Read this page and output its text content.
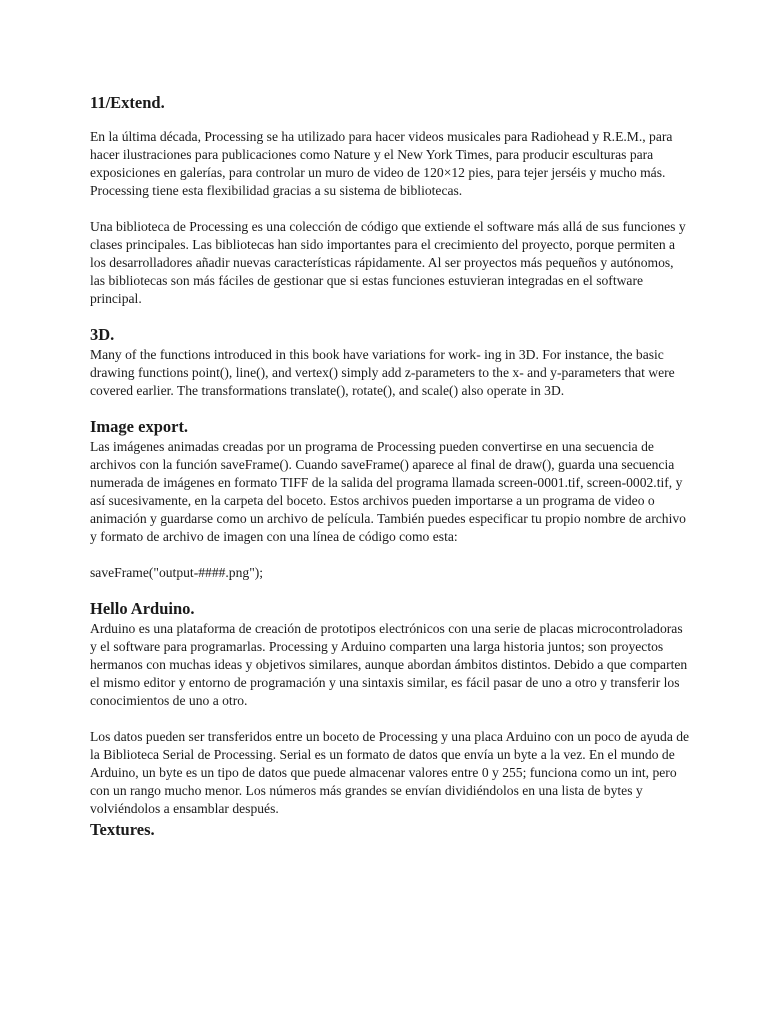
11/Extend.

En la última década, Processing se ha utilizado para hacer videos musicales para Radiohead y R.E.M., para hacer ilustraciones para publicaciones como Nature y el New York Times, para producir esculturas para exposiciones en galerías, para controlar un muro de video de 120×12 pies, para tejer jerséis y mucho más. Processing tiene esta flexibilidad gracias a su sistema de bibliotecas.

Una biblioteca de Processing es una colección de código que extiende el software más allá de sus funciones y clases principales. Las bibliotecas han sido importantes para el crecimiento del proyecto, porque permiten a los desarrolladores añadir nuevas características rápidamente. Al ser proyectos más pequeños y autónomos, las bibliotecas son más fáciles de gestionar que si estas funciones estuvieran integradas en el software principal.

3D.

Many of the functions introduced in this book have variations for work- ing in 3D. For instance, the basic drawing functions point(), line(), and vertex() simply add z-parameters to the x- and y-parameters that were covered earlier. The transformations translate(), rotate(), and scale() also operate in 3D.

Image export.

Las imágenes animadas creadas por un programa de Processing pueden convertirse en una secuencia de archivos con la función saveFrame(). Cuando saveFrame() aparece al final de draw(), guarda una secuencia numerada de imágenes en formato TIFF de la salida del programa llamada screen-0001.tif, screen-0002.tif, y así sucesivamente, en la carpeta del boceto. Estos archivos pueden importarse a un programa de video o animación y guardarse como un archivo de película. También puedes especificar tu propio nombre de archivo y formato de archivo de imagen con una línea de código como esta:

saveFrame("output-####.png");

Hello Arduino.

Arduino es una plataforma de creación de prototipos electrónicos con una serie de placas microcontroladoras y el software para programarlas. Processing y Arduino comparten una larga historia juntos; son proyectos hermanos con muchas ideas y objetivos similares, aunque abordan ámbitos distintos. Debido a que comparten el mismo editor y entorno de programación y una sintaxis similar, es fácil pasar de uno a otro y transferir los conocimientos de uno a otro.

Los datos pueden ser transferidos entre un boceto de Processing y una placa Arduino con un poco de ayuda de la Biblioteca Serial de Processing. Serial es un formato de datos que envía un byte a la vez. En el mundo de Arduino, un byte es un tipo de datos que puede almacenar valores entre 0 y 255; funciona como un int, pero con un rango mucho menor. Los números más grandes se envían dividiéndolos en una lista de bytes y volviéndolos a ensamblar después.

Textures.
